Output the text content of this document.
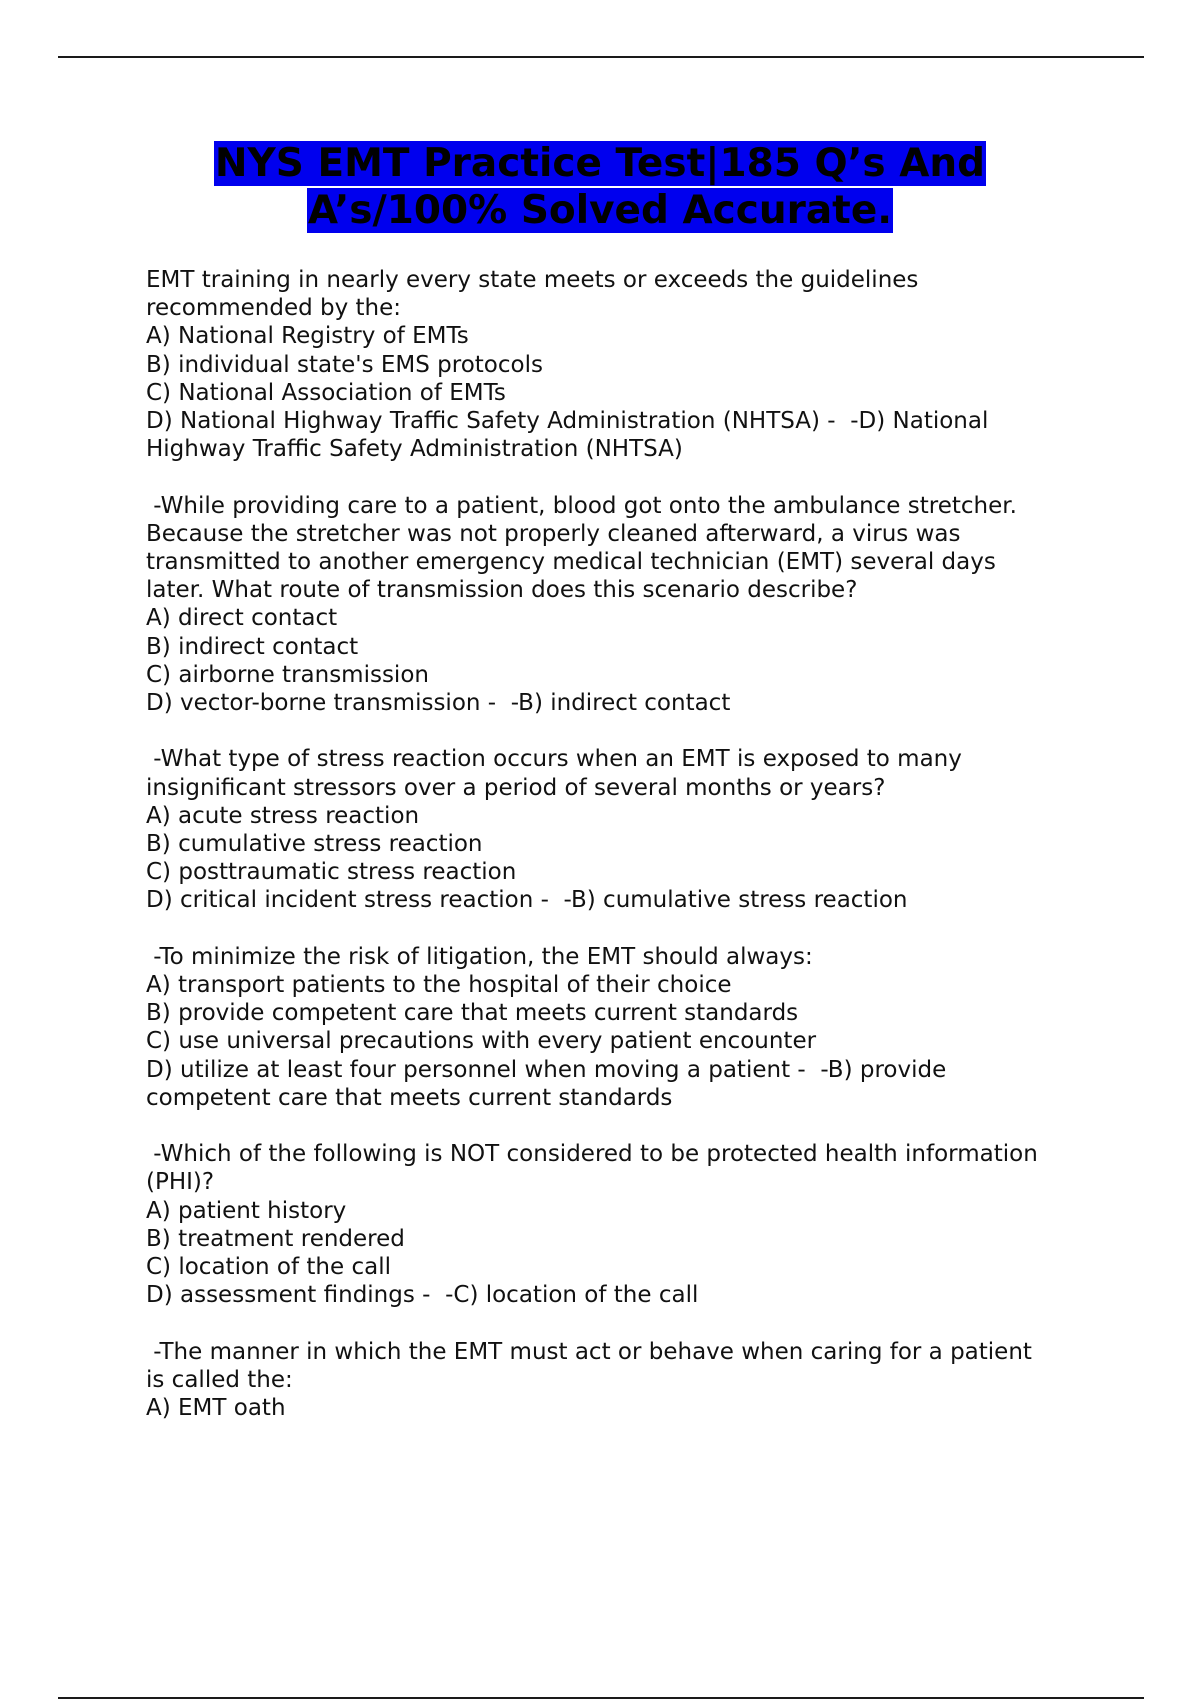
NYS EMT Practice Test|185 Q’s And
A’s/100% Solved Accurate.
EMT training in nearly every state meets or exceeds the guidelines
recommended by the:
A) National Registry of EMTs
B) individual state's EMS protocols
C) National Association of EMTs
D) National Highway Traffic Safety Administration (NHTSA) -  -D) National
Highway Traffic Safety Administration (NHTSA)
-While providing care to a patient, blood got onto the ambulance stretcher.
Because the stretcher was not properly cleaned afterward, a virus was
transmitted to another emergency medical technician (EMT) several days
later. What route of transmission does this scenario describe?
A) direct contact
B) indirect contact
C) airborne transmission
D) vector-borne transmission -  -B) indirect contact
-What type of stress reaction occurs when an EMT is exposed to many
insignificant stressors over a period of several months or years?
A) acute stress reaction
B) cumulative stress reaction
C) posttraumatic stress reaction
D) critical incident stress reaction -  -B) cumulative stress reaction
-To minimize the risk of litigation, the EMT should always:
A) transport patients to the hospital of their choice
B) provide competent care that meets current standards
C) use universal precautions with every patient encounter
D) utilize at least four personnel when moving a patient -  -B) provide
competent care that meets current standards
-Which of the following is NOT considered to be protected health information
(PHI)?
A) patient history
B) treatment rendered
C) location of the call
D) assessment findings -  -C) location of the call
-The manner in which the EMT must act or behave when caring for a patient
is called the:
A) EMT oath
